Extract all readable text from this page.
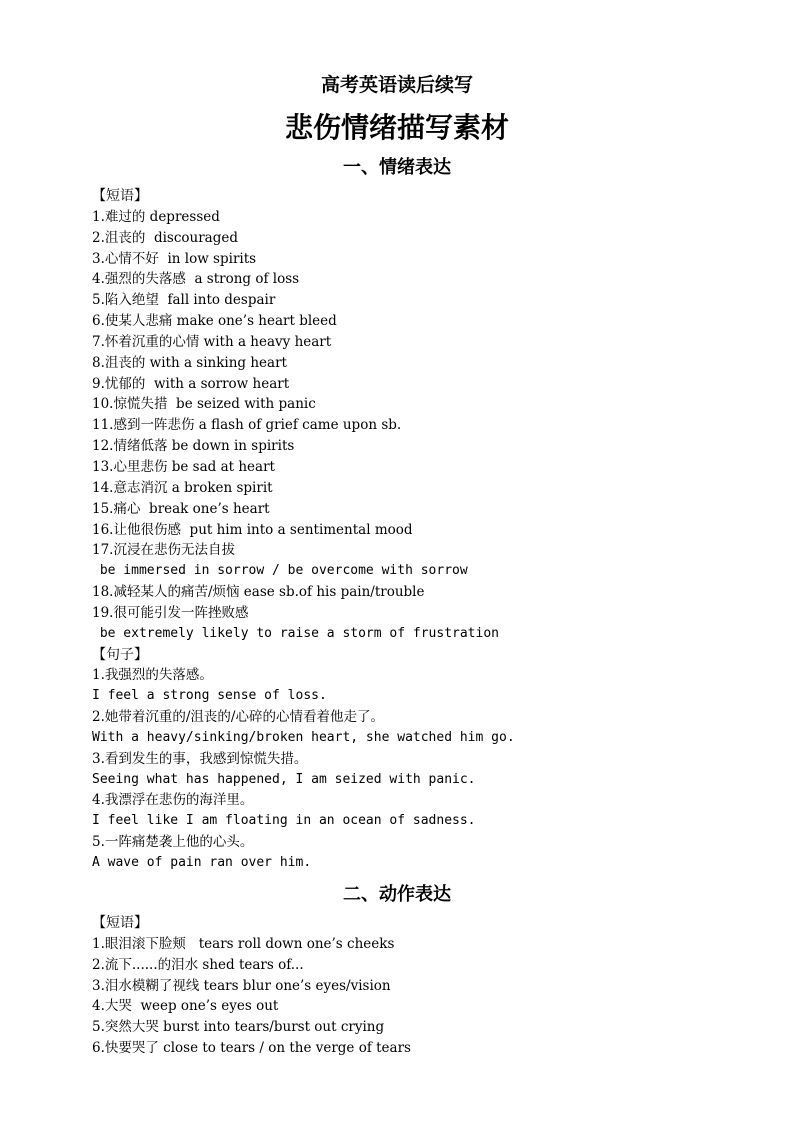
高考英语读后续写
悲伤情绪描写素材
一、情绪表达
【短语】
1.难过的 depressed
2.沮丧的  discouraged
3.心情不好  in low spirits
4.强烈的失落感  a strong of loss
5.陷入绝望  fall into despair
6.使某人悲痛 make one’s heart bleed
7.怀着沉重的心情 with a heavy heart
8.沮丧的 with a sinking heart
9.忧郁的  with a sorrow heart
10.惊慌失措  be seized with panic
11.感到一阵悲伤 a flash of grief came upon sb.
12.情绪低落 be down in spirits
13.心里悲伤 be sad at heart
14.意志消沉 a broken spirit
15.痛心  break one’s heart
16.让他很伤感  put him into a sentimental mood
17.沉浸在悲伤无法自拔
be immersed in sorrow / be overcome with sorrow
18.减轻某人的痛苦/烦恼 ease sb.of his pain/trouble
19.很可能引发一阵挫败感
be extremely likely to raise a storm of frustration
【句子】
1.我强烈的失落感。
I feel a strong sense of loss.
2.她带着沉重的/沮丧的/心碎的心情看着他走了。
With a heavy/sinking/broken heart, she watched him go.
3.看到发生的事，我感到惊慌失措。
Seeing what has happened, I am seized with panic.
4.我漂浮在悲伤的海洋里。
I feel like I am floating in an ocean of sadness.
5.一阵痛楚袭上他的心头。
A wave of pain ran over him.
二、动作表达
【短语】
1.眼泪滚下脸颊   tears roll down one’s cheeks
2.流下......的泪水 shed tears of...
3.泪水模糊了视线 tears blur one’s eyes/vision
4.大哭  weep one’s eyes out
5.突然大哭 burst into tears/burst out crying
6.快要哭了 close to tears / on the verge of tears
